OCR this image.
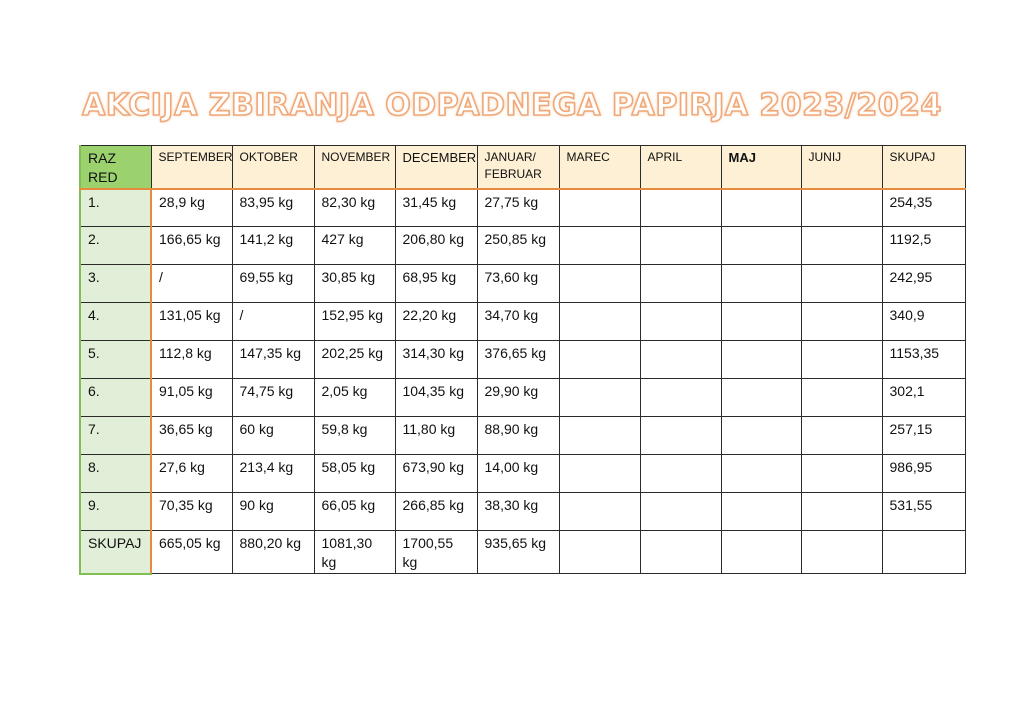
AKCIJA ZBIRANJA ODPADNEGA PAPIRJA 2023/2024
RAZ RED	SEPTEMBER	OKTOBER	NOVEMBER	DECEMBER	JANUAR/ FEBRUAR	MAREC	APRIL	MAJ	JUNIJ	SKUPAJ
1.	28,9 kg	83,95 kg	82,30 kg	31,45 kg	27,75 kg					254,35
2.	166,65 kg	141,2 kg	427 kg	206,80 kg	250,85 kg					1192,5
3.	/	69,55 kg	30,85 kg	68,95 kg	73,60 kg					242,95
4.	131,05 kg	/	152,95 kg	22,20 kg	34,70 kg					340,9
5.	112,8 kg	147,35 kg	202,25 kg	314,30 kg	376,65 kg					1153,35
6.	91,05 kg	74,75 kg	2,05 kg	104,35 kg	29,90 kg					302,1
7.	36,65 kg	60 kg	59,8 kg	11,80 kg	88,90 kg					257,15
8.	27,6 kg	213,4 kg	58,05 kg	673,90 kg	14,00 kg					986,95
9.	70,35 kg	90 kg	66,05 kg	266,85 kg	38,30 kg					531,55
SKUPAJ	665,05 kg	880,20 kg	1081,30 kg	1700,55 kg	935,65 kg					
